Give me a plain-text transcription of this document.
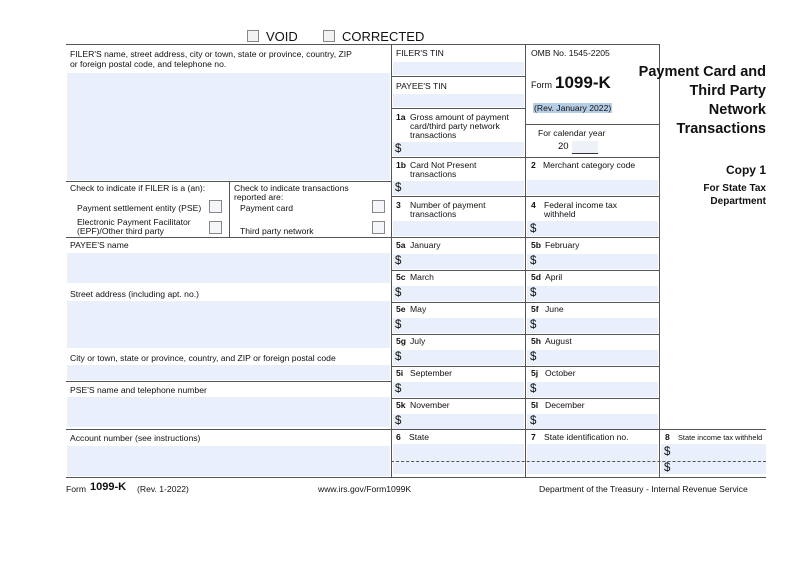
VOID	CORRECTED
FILER'S name, street address, city or town, state or province, country, ZIP
or foreign postal code, and telephone no.
FILER'S TIN
PAYEE'S TIN
Check to indicate if FILER is a (an):
Payment settlement entity (PSE)
Electronic Payment Facilitator
(EPF)/Other third party
Check to indicate transactions
reported are:
Payment card
Third party network
PAYEE'S name
Street address (including apt. no.)
City or town, state or province, country, and ZIP or foreign postal code
PSE'S name and telephone number
Account number (see instructions)
OMB No. 1545-2205
Form 1099-K
(Rev. January 2022)
For calendar year
20
Payment Card and
Third Party
Network
Transactions
Copy 1
For State Tax
Department
1a Gross amount of payment
card/third party network
transactions
$
1b Card Not Present
transactions
$
2 Merchant category code
3 Number of payment
transactions
4 Federal income tax
withheld
$
5a January
$
5b February
$
5c March
$
5d April
$
5e May
$
5f June
$
5g July
$
5h August
$
5i September
$
5j October
$
5k November
$
5l December
$
6 State	7 State identification no.	8 State income tax withheld
$
$
Form 1099-K (Rev. 1-2022)	www.irs.gov/Form1099K	Department of the Treasury - Internal Revenue Service
